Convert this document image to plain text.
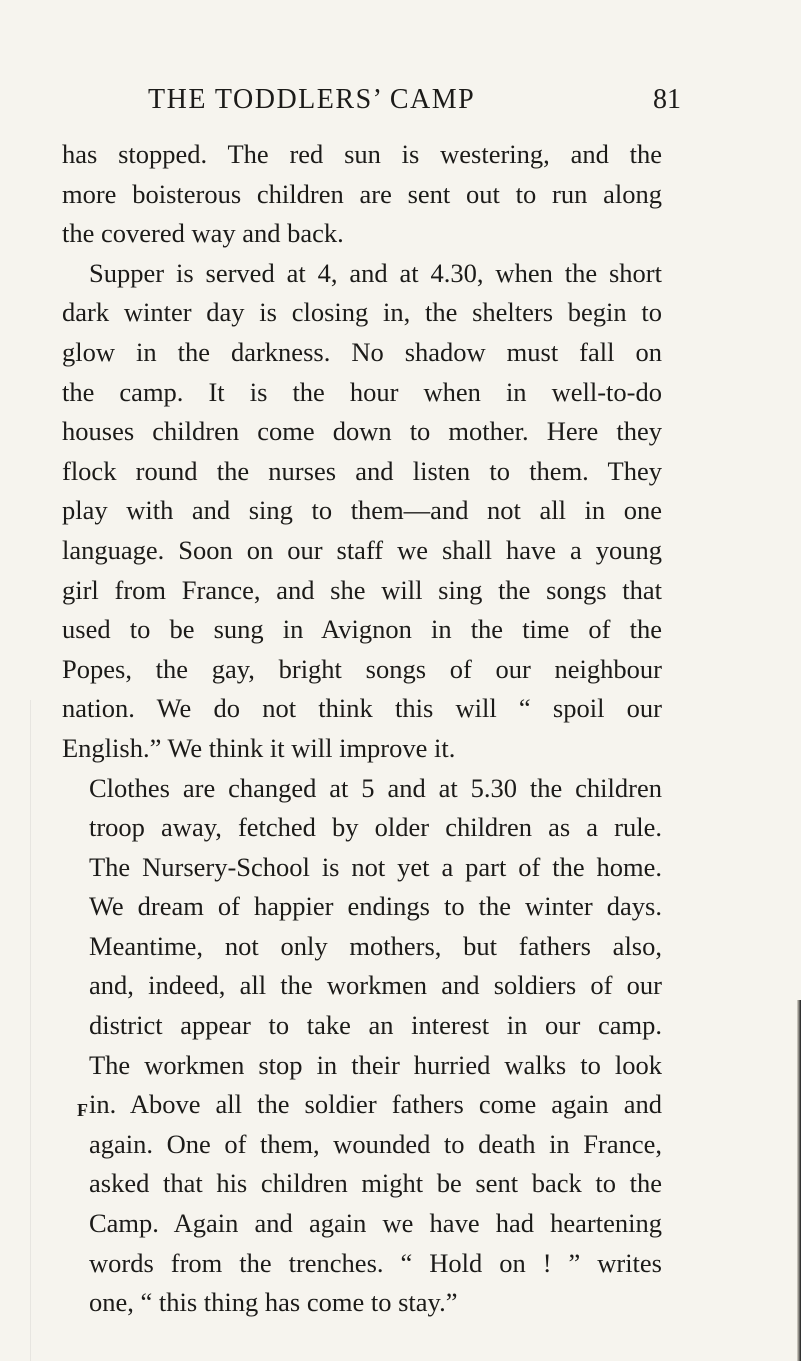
THE TODDLERS’ CAMP	81
has stopped. The red sun is westering, and the
more boisterous children are sent out to run along
the covered way and back.
Supper is served at 4, and at 4.30, when the short
dark winter day is closing in, the shelters begin to
glow in the darkness. No shadow must fall on
the camp. It is the hour when in well-to-do
houses children come down to mother. Here they
flock round the nurses and listen to them. They
play with and sing to them—and not all in one
language. Soon on our staff we shall have a young
girl from France, and she will sing the songs that
used to be sung in Avignon in the time of the
Popes, the gay, bright songs of our neighbour
nation. We do not think this will “ spoil our
English.” We think it will improve it.
Clothes are changed at 5 and at 5.30 the children
troop away, fetched by older children as a rule.
The Nursery-School is not yet a part of the home.
We dream of happier endings to the winter days.
Meantime, not only mothers, but fathers also,
and, indeed, all the workmen and soldiers of our
district appear to take an interest in our camp.
The workmen stop in their hurried walks to look
in. Above all the soldier fathers come again and
again. One of them, wounded to death in France,
asked that his children might be sent back to the
Camp. Again and again we have had heartening
words from the trenches. “ Hold on ! ” writes
one, “ this thing has come to stay.”
F
